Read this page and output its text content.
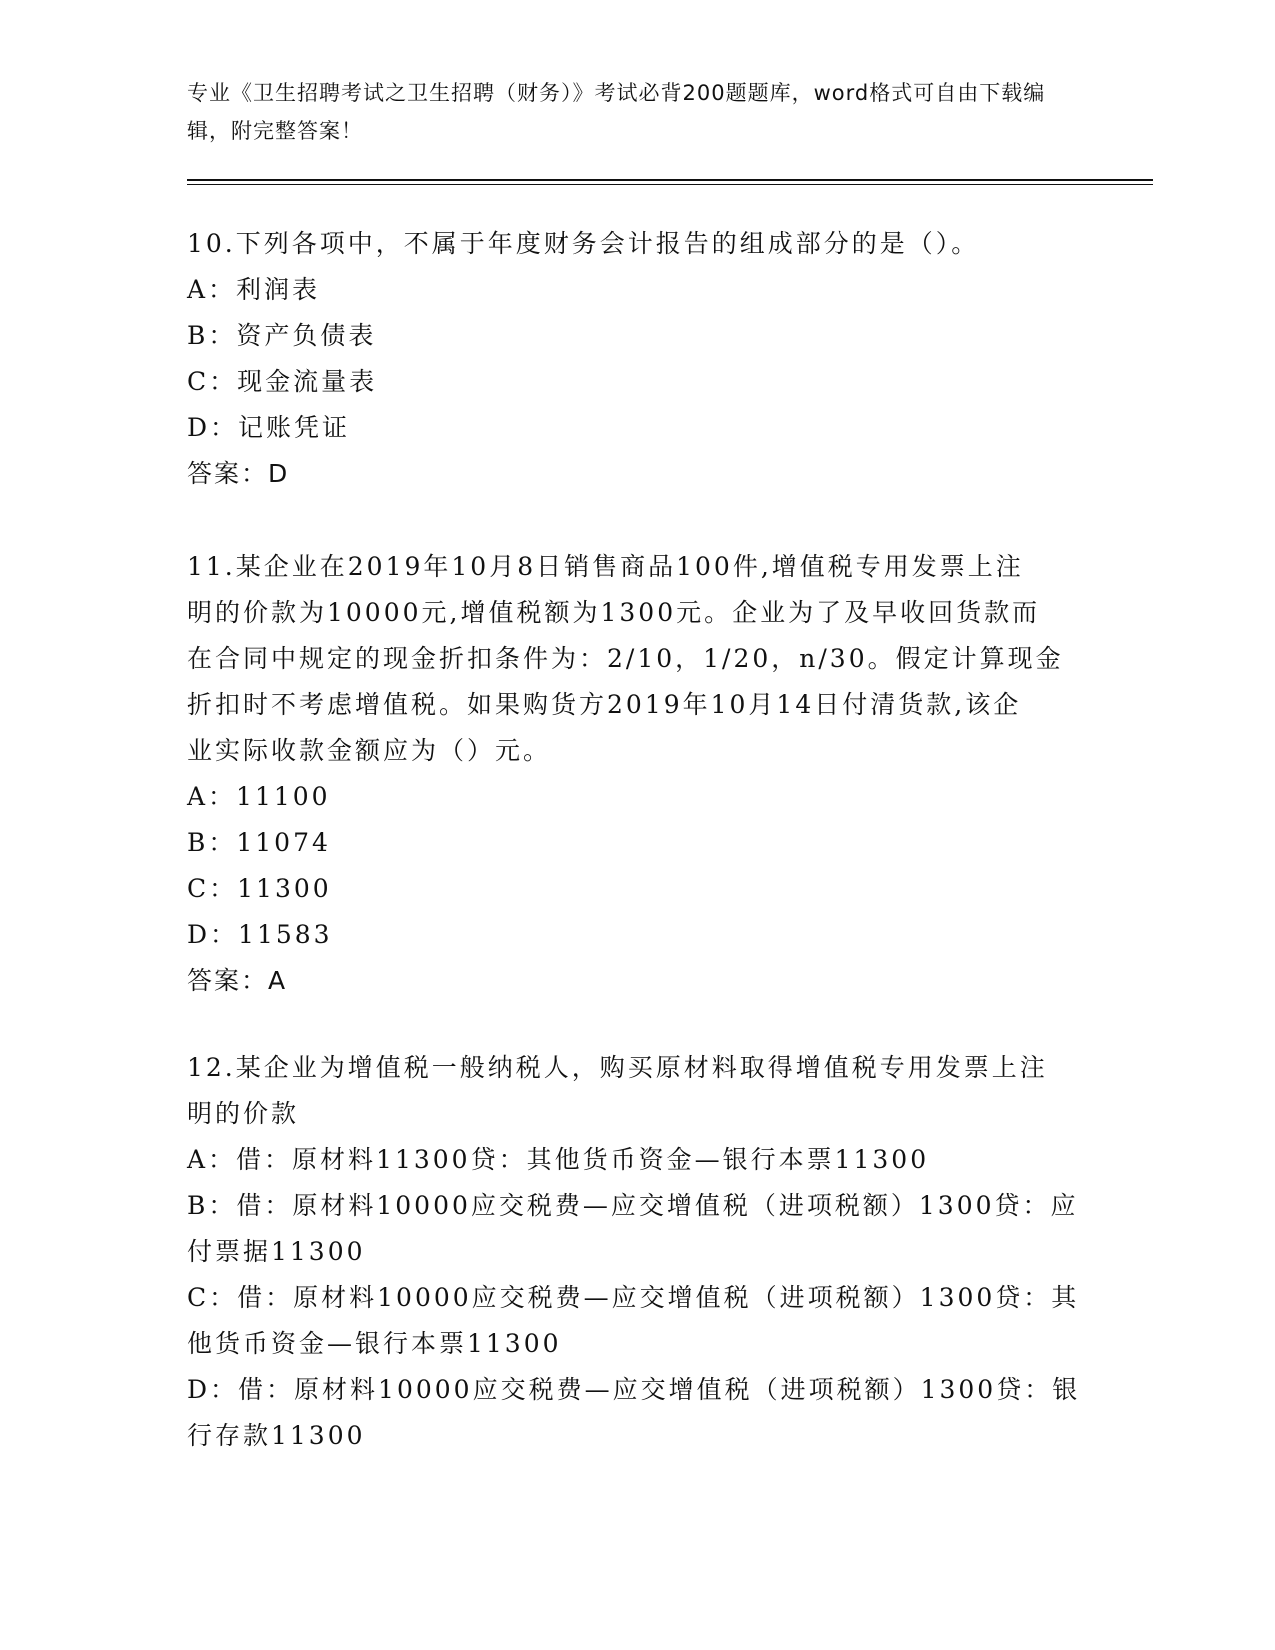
专业《卫生招聘考试之卫生招聘（财务）》考试必背200题题库，word格式可自由下载编辑，附完整答案！
10.下列各项中，不属于年度财务会计报告的组成部分的是（）。
A：利润表
B：资产负债表
C：现金流量表
D：记账凭证
答案：D
11.某企业在2019年10月8日销售商品100件,增值税专用发票上注
明的价款为10000元,增值税额为1300元。企业为了及早收回货款而
在合同中规定的现金折扣条件为：2/10，1/20，n/30。假定计算现金
折扣时不考虑增值税。如果购货方2019年10月14日付清货款,该企
业实际收款金额应为（）元。
A：11100
B：11074
C：11300
D：11583
答案：A
12.某企业为增值税一般纳税人，购买原材料取得增值税专用发票上注
明的价款
A：借：原材料11300贷：其他货币资金—银行本票11300
B：借：原材料10000应交税费—应交增值税（进项税额）1300贷：应
付票据11300
C：借：原材料10000应交税费—应交增值税（进项税额）1300贷：其
他货币资金—银行本票11300
D：借：原材料10000应交税费—应交增值税（进项税额）1300贷：银
行存款11300
